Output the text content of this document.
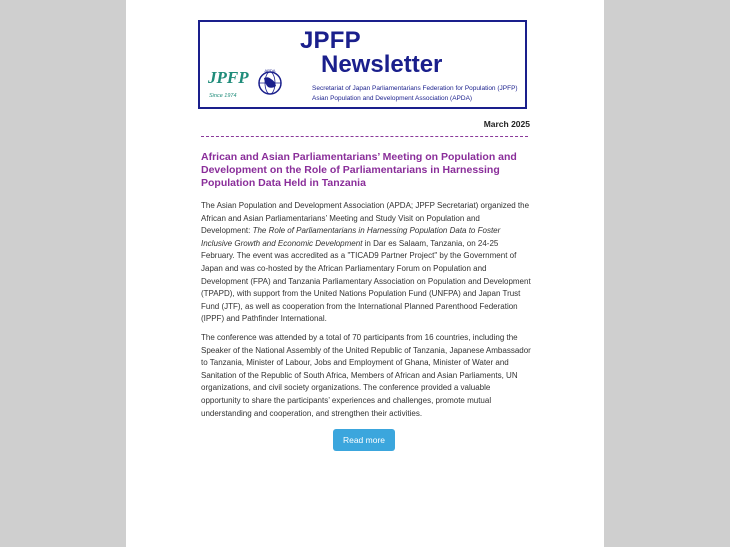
JPFP
Since 1974
APDA
JPFP
Newsletter
Secretariat of Japan Parliamentarians Federation for Population (JPFP)
Asian Population and Development Association (APDA)
March 2025
African and Asian Parliamentarians’ Meeting on Population and Development on the Role of Parliamentarians in Harnessing Population Data Held in Tanzania
The Asian Population and Development Association (APDA; JPFP Secretariat) organized the African and Asian Parliamentarians’ Meeting and Study Visit on Population and Development: The Role of Parliamentarians in Harnessing Population Data to Foster Inclusive Growth and Economic Development in Dar es Salaam, Tanzania, on 24-25 February. The event was accredited as a "TICAD9 Partner Project" by the Government of Japan and was co-hosted by the African Parliamentary Forum on Population and Development (FPA) and Tanzania Parliamentary Association on Population and Development (TPAPD), with support from the United Nations Population Fund (UNFPA) and Japan Trust Fund (JTF), as well as cooperation from the International Planned Parenthood Federation (IPPF) and Pathfinder International.
The conference was attended by a total of 70 participants from 16 countries, including the Speaker of the National Assembly of the United Republic of Tanzania, Japanese Ambassador to Tanzania, Minister of Labour, Jobs and Employment of Ghana, Minister of Water and Sanitation of the Republic of South Africa, Members of African and Asian Parliaments, UN organizations, and civil society organizations. The conference provided a valuable opportunity to share the participants’ experiences and challenges, promote mutual understanding and cooperation, and strengthen their activities.
Read more
